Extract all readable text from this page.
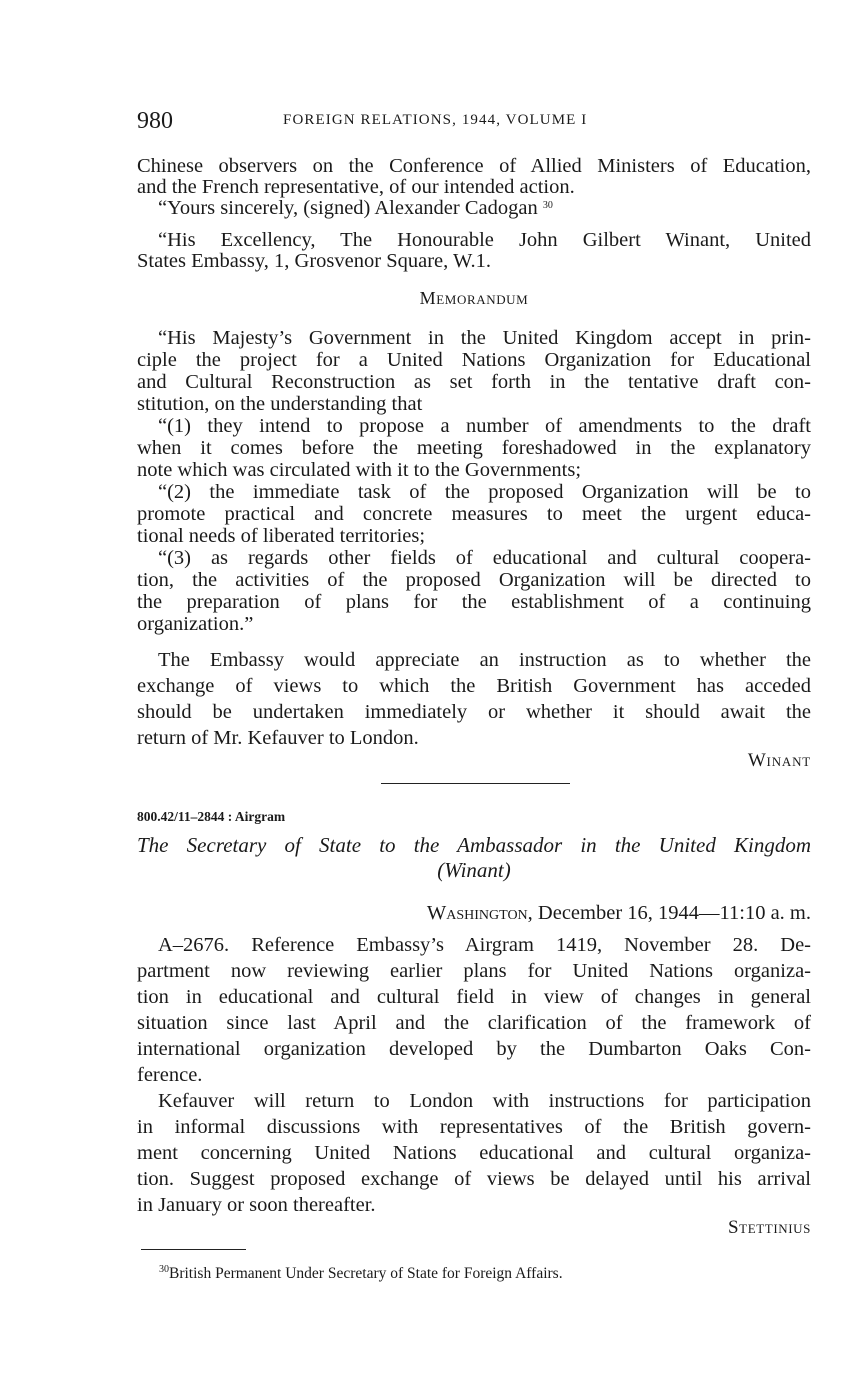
980	FOREIGN RELATIONS, 1944, VOLUME I
Chinese observers on the Conference of Allied Ministers of Education,
and the French representative, of our intended action.
“Yours sincerely, (signed) Alexander Cadogan $^{30}$
“His Excellency, The Honourable John Gilbert Winant, United
States Embassy, 1, Grosvenor Square, W.1.
Memorandum
“His Majesty’s Government in the United Kingdom accept in prin-
ciple the project for a United Nations Organization for Educational
and Cultural Reconstruction as set forth in the tentative draft con-
stitution, on the understanding that
“(1) they intend to propose a number of amendments to the draft
when it comes before the meeting foreshadowed in the explanatory
note which was circulated with it to the Governments;
“(2) the immediate task of the proposed Organization will be to
promote practical and concrete measures to meet the urgent educa-
tional needs of liberated territories;
“(3) as regards other fields of educational and cultural coopera-
tion, the activities of the proposed Organization will be directed to
the preparation of plans for the establishment of a continuing
organization.”
The Embassy would appreciate an instruction as to whether the
exchange of views to which the British Government has acceded
should be undertaken immediately or whether it should await the
return of Mr. Kefauver to London.
Winant
800.42/11–2844 : Airgram
The Secretary of State to the Ambassador in the United Kingdom
(Winant)
Washington, December 16, 1944—11:10 a. m.
A–2676. Reference Embassy’s Airgram 1419, November 28. De-
partment now reviewing earlier plans for United Nations organiza-
tion in educational and cultural field in view of changes in general
situation since last April and the clarification of the framework of
international organization developed by the Dumbarton Oaks Con-
ference.
Kefauver will return to London with instructions for participation
in informal discussions with representatives of the British govern-
ment concerning United Nations educational and cultural organiza-
tion. Suggest proposed exchange of views be delayed until his arrival
in January or soon thereafter.
Stettinius
$^{30}$British Permanent Under Secretary of State for Foreign Affairs.
